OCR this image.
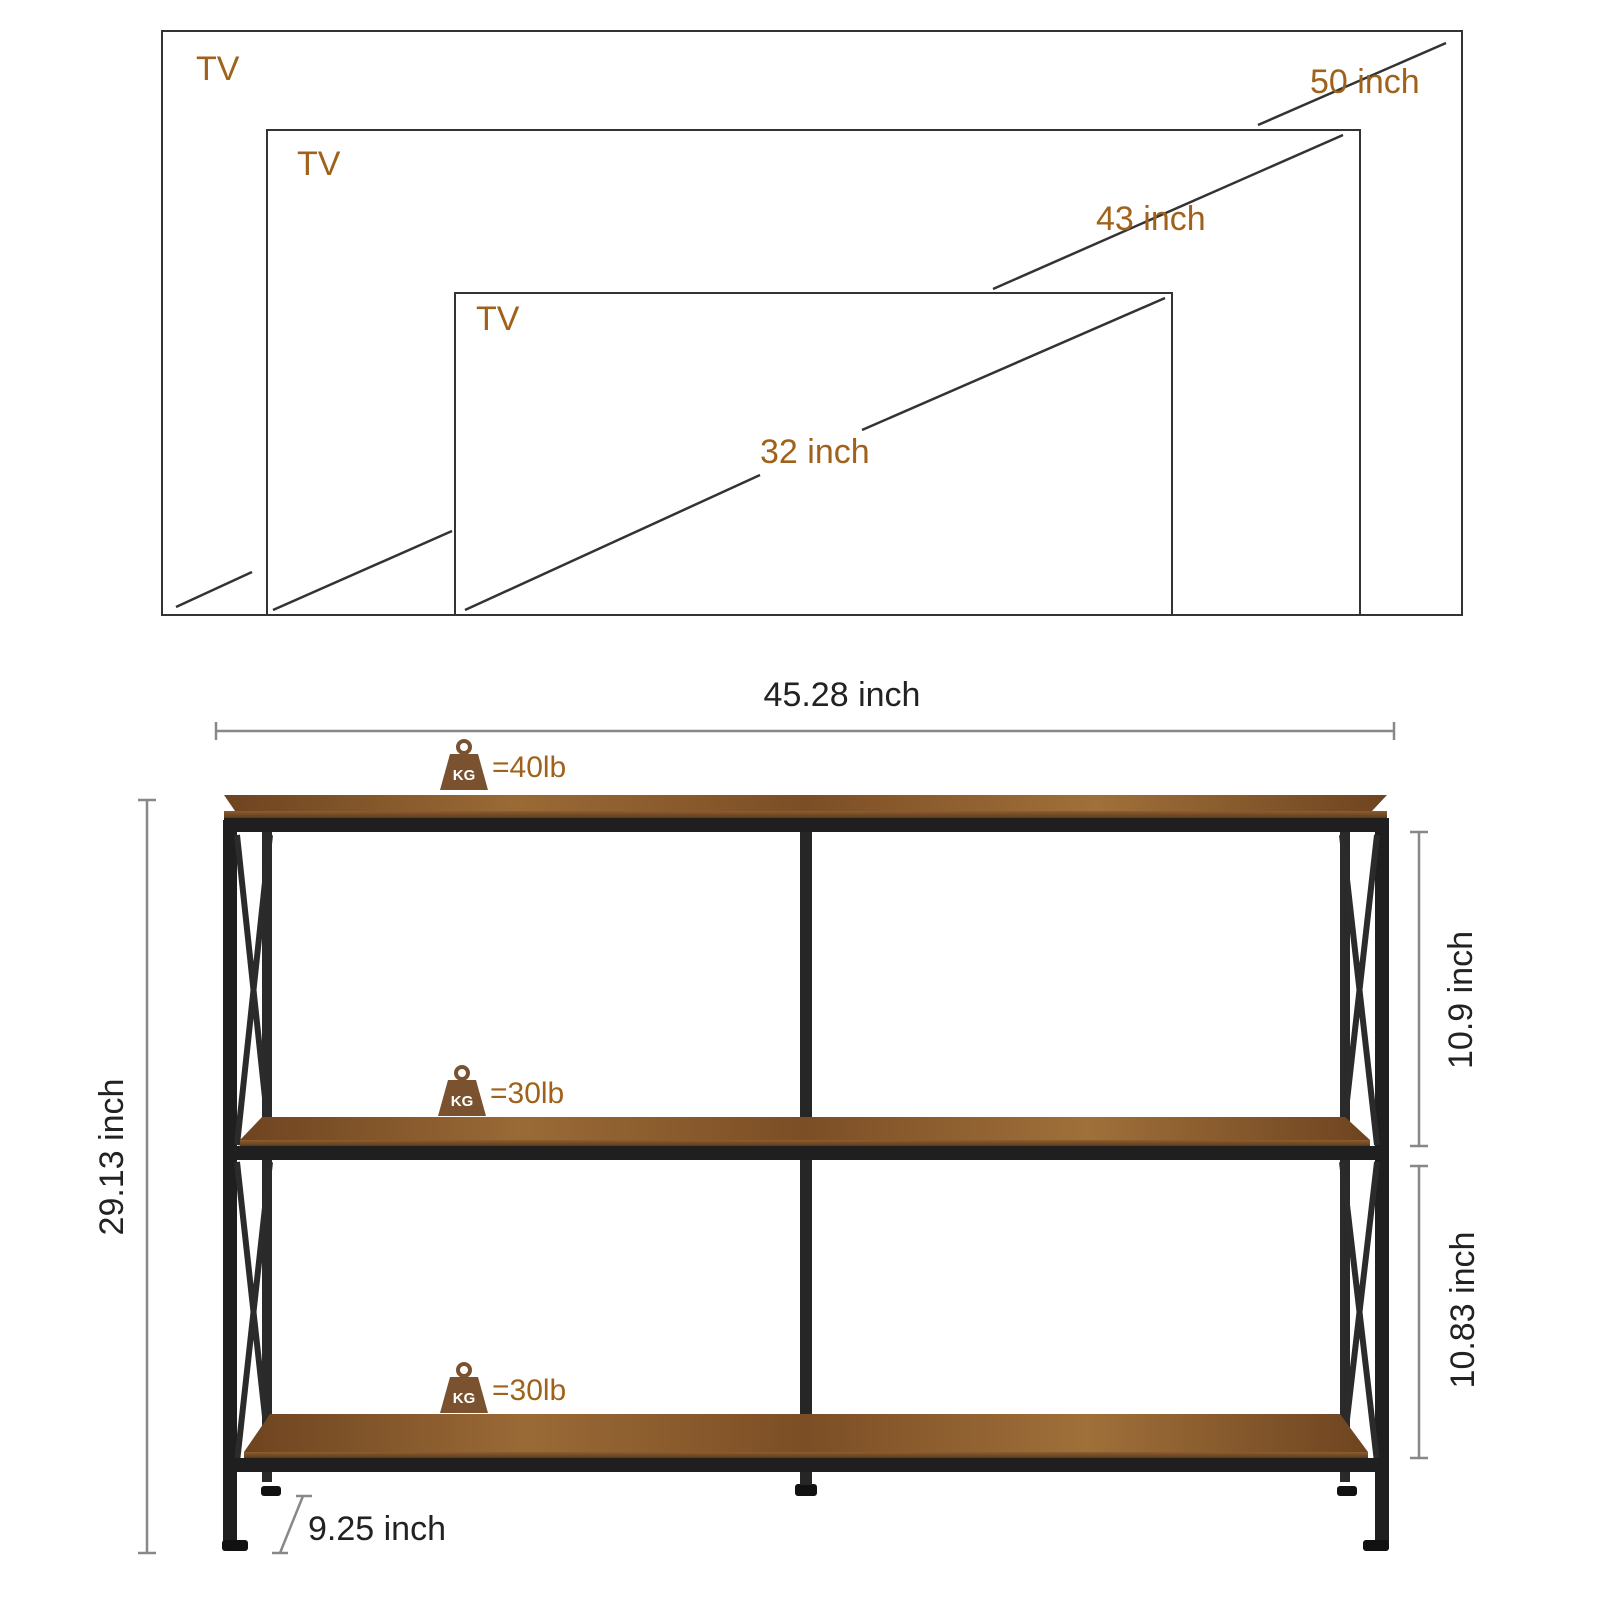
TV	50 inch
TV
43 inch
TV
32 inch
45.28 inch
29.13 inch
10.9 inch
10.83 inch
9.25 inch
KG =40lb
KG =30lb
KG =30lb
